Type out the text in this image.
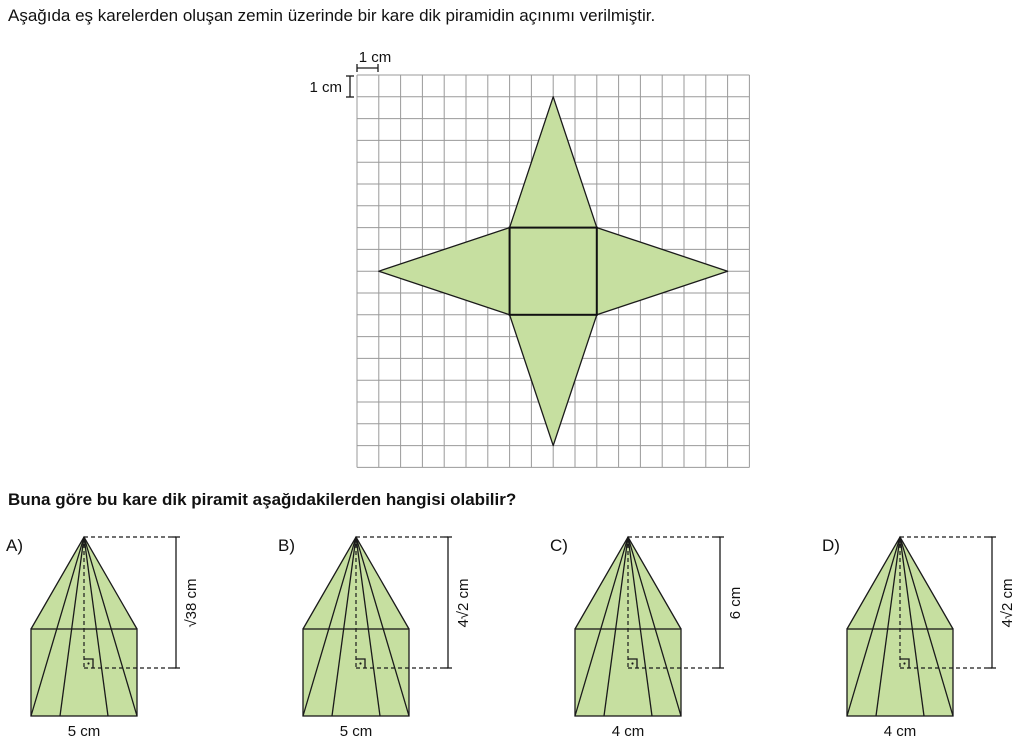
Aşağıda eş karelerden oluşan zemin üzerinde bir kare dik piramidin açınımı verilmiştir.
Buna göre bu kare dik piramit aşağıdakilerden hangisi olabilir?
1 cm
1 cm
A)
√38 cm
5 cm
B)
4√2 cm
5 cm
C)
6 cm
4 cm
D)
4√2 cm
4 cm
